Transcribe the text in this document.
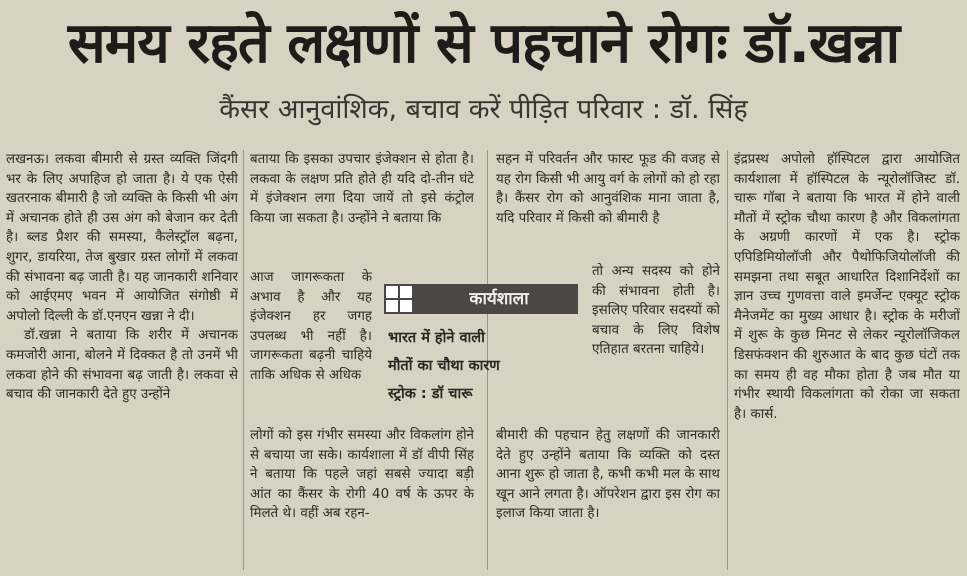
समय रहते लक्षणों से पहचाने रोगः डॉ.खन्ना
कैंसर आनुवांशिक, बचाव करें पीड़ित परिवार : डॉ. सिंह

लखनऊ। लकवा बीमारी से ग्रस्त व्यक्ति जिंदगी भर के लिए अपाहिज हो जाता है। ये एक ऐसी खतरनाक बीमारी है जो व्यक्ति के किसी भी अंग में अचानक होते ही उस अंग को बेजान कर देती है। ब्लड प्रैशर की समस्या, कैलेस्ट्रॉल बढ़ना, शुगर, डायरिया, तेज बुखार ग्रस्त लोगों में लकवा की संभावना बढ़ जाती है। यह जानकारी शनिवार को आईएमए भवन में आयोजित संगोष्ठी में अपोलो दिल्ली के डॉ.एनएन खन्ना ने दी।

डॉ.खन्ना ने बताया कि शरीर में अचानक कमजोरी आना, बोलने में दिक्कत है तो उनमें भी लकवा होने की संभावना बढ़ जाती है। लकवा से बचाव की जानकारी देते हुए उन्होंने

बताया कि इसका उपचार इंजेक्शन से होता है। लकवा के लक्षण प्रति होते ही यदि दो-तीन घंटे में इंजेक्शन लगा दिया जायें तो इसे कंट्रोल किया जा सकता है। उन्होंने ने बताया कि

आज जागरूकता के अभाव है और यह इंजेक्शन हर जगह उपलब्ध भी नहीं है। जागरूकता बढ़नी चाहिये ताकि अधिक से अधिक

लोगों को इस गंभीर समस्या और विकलांग होने से बचाया जा सके। कार्यशाला में डॉ वीपी सिंह ने बताया कि पहले जहां सबसे ज्यादा बड़ी आंत का कैंसर के रोगी 40 वर्ष के ऊपर के मिलते थे। वहीं अब रहन-

सहन में परिवर्तन और फास्ट फूड की वजह से यह रोग किसी भी आयु वर्ग के लोगों को हो रहा है। कैंसर रोग को आनुवंशिक माना जाता है, यदि परिवार में किसी को बीमारी है

तो अन्य सदस्य को होने की संभावना होती है। इसलिए परिवार सदस्यों को बचाव के लिए विशेष एतिहात बरतना चाहिये।

बीमारी की पहचान हेतु लक्षणों की जानकारी देते हुए उन्होंने बताया कि व्यक्ति को दस्त आना शुरू हो जाता है, कभी कभी मल के साथ खून आने लगता है। ऑपरेशन द्वारा इस रोग का इलाज किया जाता है।

इंद्रप्रस्थ अपोलो हॉस्पिटल द्वारा आयोजित कार्यशाला में हॉस्पिटल के न्यूरोलॉजिस्ट डॉ. चारू गॉबा ने बताया कि भारत में होने वाली मौतों में स्ट्रोक चौथा कारण है और विकलांगता के अग्रणी कारणों में एक है। स्ट्रोक एपिडिमियोलॉजी और पैथोफिजियोलॉजी की समझना तथा सबूत आधारित दिशानिर्देशों का ज्ञान उच्च गुणवत्ता वाले इमर्जेन्ट एक्यूट स्ट्रोक मैनेजमेंट का मुख्य आधार है। स्ट्रोक के मरीजों में शुरू के कुछ मिनट से लेकर न्यूरोलॉजिकल डिसफंक्शन की शुरुआत के बाद कुछ घंटों तक का समय ही वह मौका होता है जब मौत या गंभीर स्थायी विकलांगता को रोका जा सकता है। कार्स.

कार्यशाला
भारत में होने वाली
मौतों का चौथा कारण
स्ट्रोक : डॉ चारू
